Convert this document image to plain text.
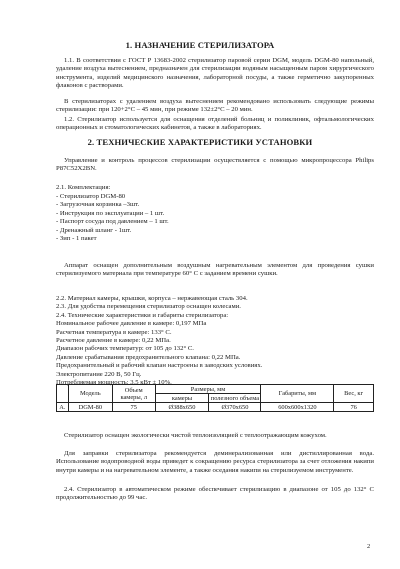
1. НАЗНАЧЕНИЕ СТЕРИЛИЗАТОРА

1.1. В соответствии с ГОСТ Р 13683-2002 стерилизатор паровой серии DGM, модель DGM-80 напольный, удаление воздуха вытеснением, предназначен для стерилизации водяным насыщенным паром хирургического инструмента, изделий медицинского назначения, лабораторной посуды, а также герметично закупоренных флаконов с растворами.

В стерилизаторах с удалением воздуха вытеснением рекомендовано использовать следующие режимы стерилизации: при 120+2°С – 45 мин, при режиме 132±2°С – 20 мин.

1.2. Стерилизатор используется для оснащения отделений больниц и поликлиник, офтальмологических операционных и стоматологических кабинетов, а также в лабораториях.

2. ТЕХНИЧЕСКИЕ ХАРАКТЕРИСТИКИ УСТАНОВКИ

Управление и контроль процессов стерилизации осуществляется с помощью микропроцессора Philips P87C52X2BN.

2.1. Комплектация:
- Стерилизатор DGM-80
- Загрузочная корзинка –3шт.
- Инструкция по эксплуатации – 1 шт.
- Паспорт сосуда под давлением – 1 шт.
- Дренажный шланг - 1шт.
- Зип - 1 пакет

Аппарат оснащен дополнительным воздушным нагревательным элементом для проведения сушки стерилизуемого материала при температуре 60° С с заданием времени сушки.

2.2. Материал камеры, крышки, корпуса – нержавеющая сталь 304.
2.3. Для удобства перемещения стерилизатор оснащен колесами.
2.4. Технические характеристики и габариты стерилизатора:
Номинальное рабочее давление в камере: 0,197 МПа
Расчетная температура в камере: 133° С.
Расчетное давление в камере: 0,22 МПа.
Диапазон рабочих температур: от 105 до 132° С.
Давление срабатывания предохранительного клапана: 0,22 МПа.
Предохранительный и рабочий клапан настроены в заводских условиях.
Электропитание 220 В, 50 Гц.
Потребляемая мощность: 3,5 кВт ± 10%.
	Модель	Объем камеры, л	Размеры, мм		Габариты, мм	Вес, кг
			камеры	полезного объема		
А.	DGM-80	75	Ø388x650	Ø370x650	600x600x1320	76

Стерилизатор оснащен экологически чистой теплоизоляцией с теплоотражающим кожухом.

Для заправки стерилизатора рекомендуется деминерализованная или дистиллированная вода. Использование водопроводной воды приведет к сокращению ресурса стерилизатора за счет отложения накипи внутри камеры и на нагревательном элементе, а также оседания накипи на стерилизуемом инструменте.

2.4. Стерилизатор в автоматическом режиме обеспечивает стерилизацию в диапазоне от 105 до 132° С продолжительностью до 99 час.

2
